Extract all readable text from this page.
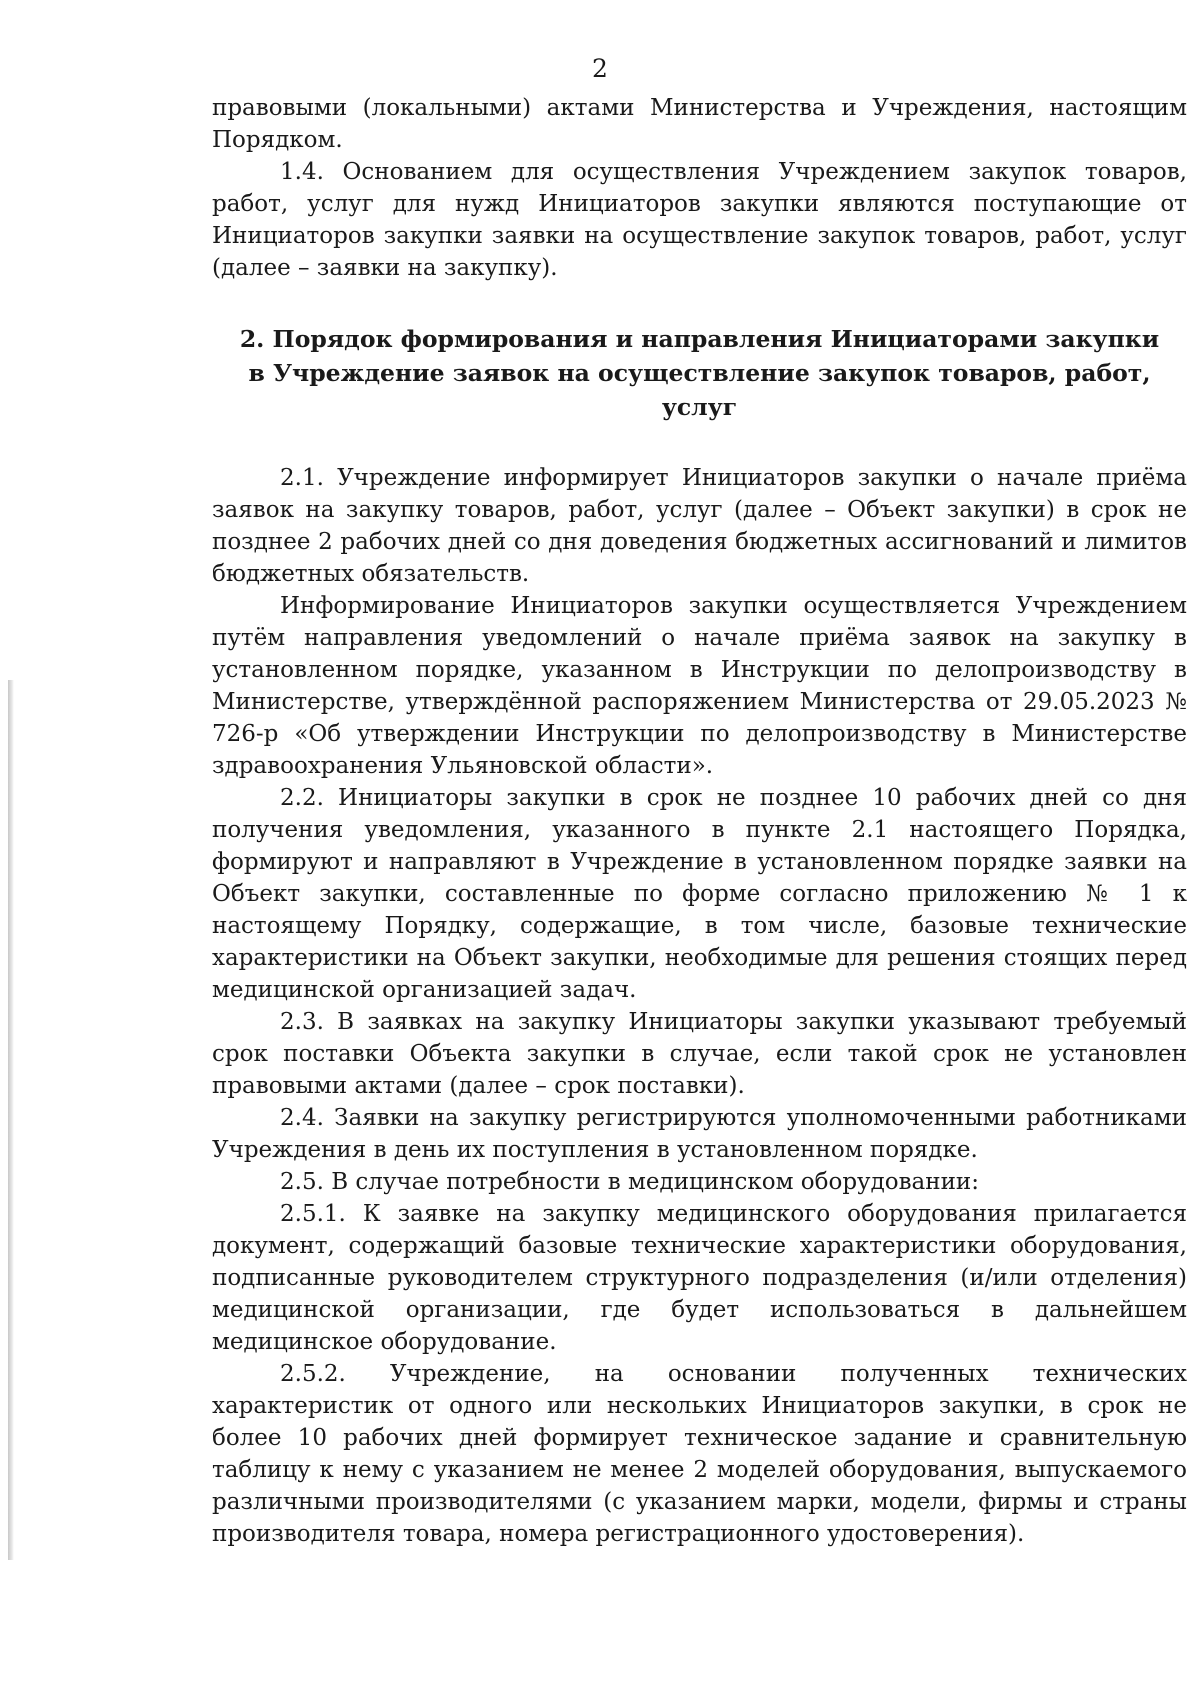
2

правовыми (локальными) актами Министерства и Учреждения, настоящим Порядком.

1.4. Основанием для осуществления Учреждением закупок товаров, работ, услуг для нужд Инициаторов закупки являются поступающие от Инициаторов закупки заявки на осуществление закупок товаров, работ, услуг (далее – заявки на закупку).

2. Порядок формирования и направления Инициаторами закупки
в Учреждение заявок на осуществление закупок товаров, работ, услуг

2.1. Учреждение информирует Инициаторов закупки о начале приёма заявок на закупку товаров, работ, услуг (далее – Объект закупки) в срок не позднее 2 рабочих дней со дня доведения бюджетных ассигнований и лимитов бюджетных обязательств.

Информирование Инициаторов закупки осуществляется Учреждением путём направления уведомлений о начале приёма заявок на закупку в установленном порядке, указанном в Инструкции по делопроизводству в Министерстве, утверждённой распоряжением Министерства от 29.05.2023 № 726-р «Об утверждении Инструкции по делопроизводству в Министерстве здравоохранения Ульяновской области».

2.2. Инициаторы закупки в срок не позднее 10 рабочих дней со дня получения уведомления, указанного в пункте 2.1 настоящего Порядка, формируют и направляют в Учреждение в установленном порядке заявки на Объект закупки, составленные по форме согласно приложению № 1 к настоящему Порядку, содержащие, в том числе, базовые технические характеристики на Объект закупки, необходимые для решения стоящих перед медицинской организацией задач.

2.3. В заявках на закупку Инициаторы закупки указывают требуемый срок поставки Объекта закупки в случае, если такой срок не установлен правовыми актами (далее – срок поставки).

2.4. Заявки на закупку регистрируются уполномоченными работниками Учреждения в день их поступления в установленном порядке.

2.5. В случае потребности в медицинском оборудовании:

2.5.1. К заявке на закупку медицинского оборудования прилагается документ, содержащий базовые технические характеристики оборудования, подписанные руководителем структурного подразделения (и/или отделения) медицинской организации, где будет использоваться в дальнейшем медицинское оборудование.

2.5.2. Учреждение, на основании полученных технических характеристик от одного или нескольких Инициаторов закупки, в срок не более 10 рабочих дней формирует техническое задание и сравнительную таблицу к нему с указанием не менее 2 моделей оборудования, выпускаемого различными производителями (с указанием марки, модели, фирмы и страны производителя товара, номера регистрационного удостоверения).
